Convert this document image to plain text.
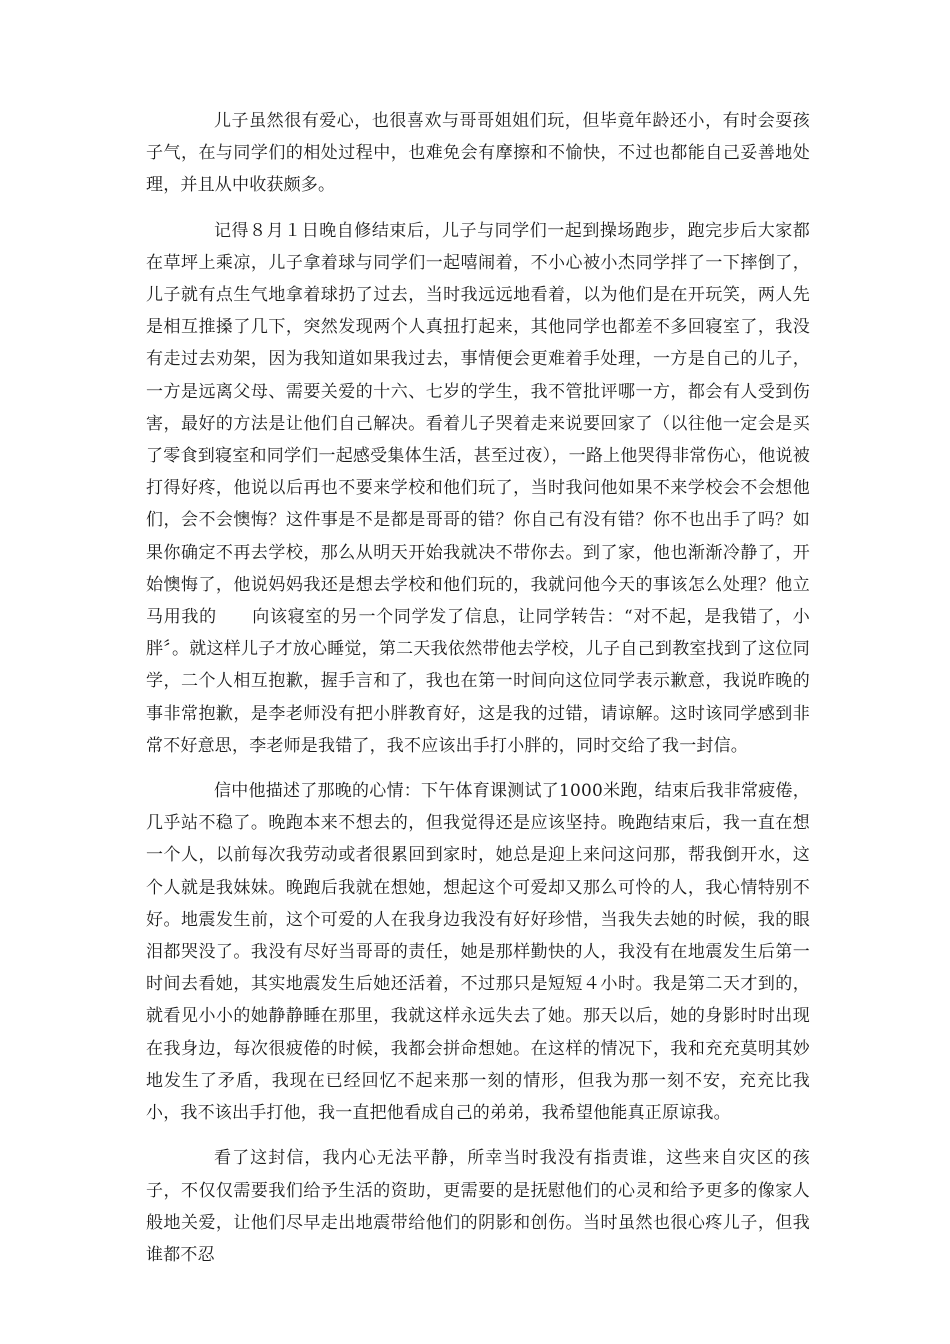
儿子虽然很有爱心，也很喜欢与哥哥姐姐们玩，但毕竟年龄还小，有时会耍孩子气，在与同学们的相处过程中，也难免会有摩擦和不愉快，不过也都能自己妥善地处理，并且从中收获颇多。

记得８月１日晚自修结束后，儿子与同学们一起到操场跑步，跑完步后大家都在草坪上乘凉，儿子拿着球与同学们一起嘻闹着，不小心被小杰同学拌了一下摔倒了，儿子就有点生气地拿着球扔了过去，当时我远远地看着，以为他们是在开玩笑，两人先是相互推搡了几下，突然发现两个人真扭打起来，其他同学也都差不多回寝室了，我没有走过去劝架，因为我知道如果我过去，事情便会更难着手处理，一方是自己的儿子，一方是远离父母、需要关爱的十六、七岁的学生，我不管批评哪一方，都会有人受到伤害，最好的方法是让他们自己解决。看着儿子哭着走来说要回家了（以往他一定会是买了零食到寝室和同学们一起感受集体生活，甚至过夜），一路上他哭得非常伤心，他说被打得好疼，他说以后再也不要来学校和他们玩了，当时我问他如果不来学校会不会想他们，会不会懊悔？这件事是不是都是哥哥的错？你自己有没有错？你不也出手了吗？如果你确定不再去学校，那么从明天开始我就决不带你去。到了家，他也渐渐冷静了，开始懊悔了，他说妈妈我还是想去学校和他们玩的，我就问他今天的事该怎么处理？他立马用我的　　向该寝室的另一个同学发了信息，让同学转告：“对不起，是我错了，小胖〞。就这样儿子才放心睡觉，第二天我依然带他去学校，儿子自己到教室找到了这位同学，二个人相互抱歉，握手言和了，我也在第一时间向这位同学表示歉意，我说昨晚的事非常抱歉，是李老师没有把小胖教育好，这是我的过错，请谅解。这时该同学感到非常不好意思，李老师是我错了，我不应该出手打小胖的，同时交给了我一封信。

信中他描述了那晚的心情：下午体育课测试了1000米跑，结束后我非常疲倦，几乎站不稳了。晚跑本来不想去的，但我觉得还是应该坚持。晚跑结束后，我一直在想一个人，以前每次我劳动或者很累回到家时，她总是迎上来问这问那，帮我倒开水，这个人就是我妹妹。晚跑后我就在想她，想起这个可爱却又那么可怜的人，我心情特别不好。地震发生前，这个可爱的人在我身边我没有好好珍惜，当我失去她的时候，我的眼泪都哭没了。我没有尽好当哥哥的责任，她是那样勤快的人，我没有在地震发生后第一时间去看她，其实地震发生后她还活着，不过那只是短短４小时。我是第二天才到的，就看见小小的她静静睡在那里，我就这样永远失去了她。那天以后，她的身影时时出现在我身边，每次很疲倦的时候，我都会拼命想她。在这样的情况下，我和充充莫明其妙地发生了矛盾，我现在已经回忆不起来那一刻的情形，但我为那一刻不安，充充比我小，我不该出手打他，我一直把他看成自己的弟弟，我希望他能真正原谅我。

看了这封信，我内心无法平静，所幸当时我没有指责谁，这些来自灾区的孩子，不仅仅需要我们给予生活的资助，更需要的是抚慰他们的心灵和给予更多的像家人般地关爱，让他们尽早走出地震带给他们的阴影和创伤。当时虽然也很心疼儿子，但我谁都不忍
